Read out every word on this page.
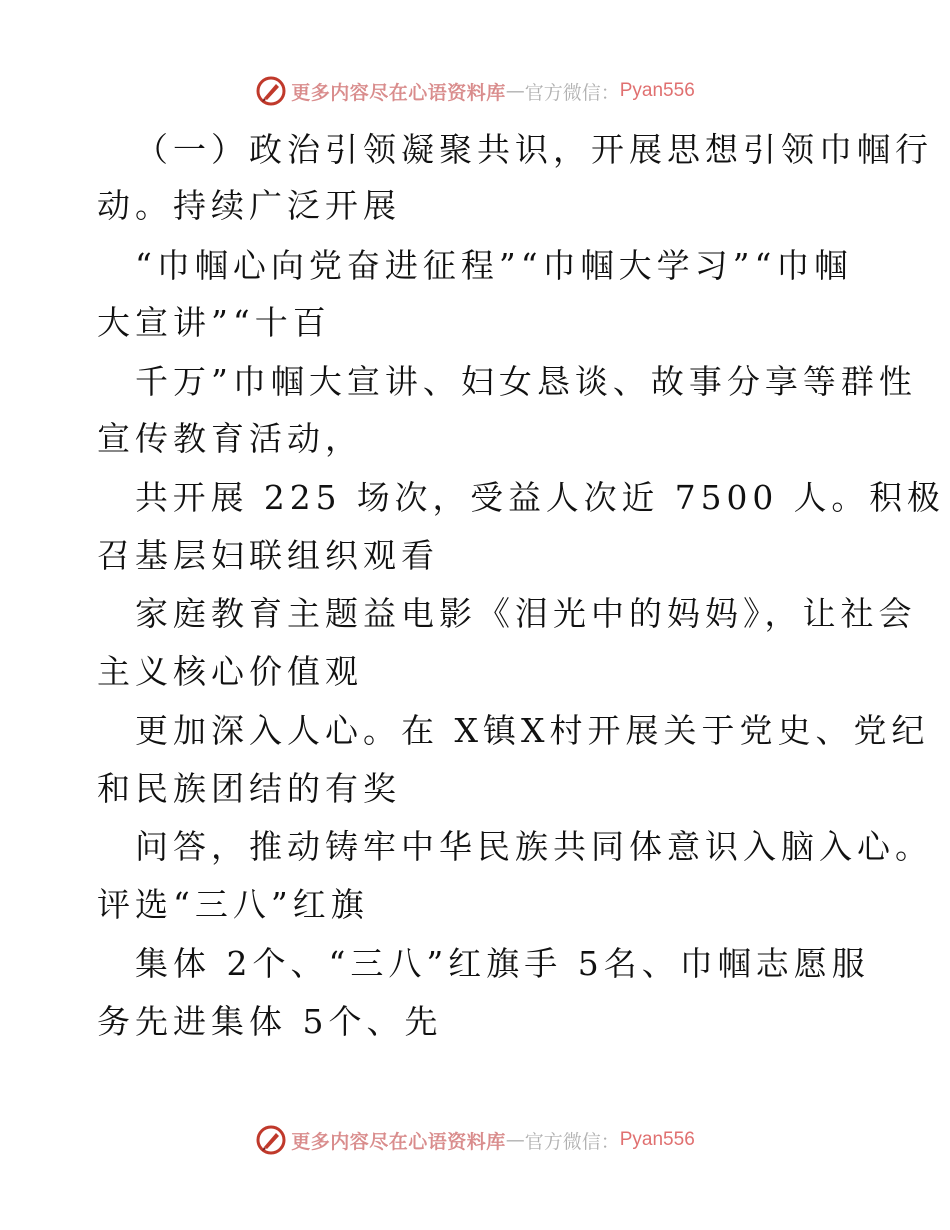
更多内容尽在心语资料库 — 官方微信： Pyan556
（一）政治引领凝聚共识，开展思想引领巾帼行
动。持续广泛开展
“巾帼心向党奋进征程”“巾帼大学习”“巾帼
大宣讲”“十百
千万”巾帼大宣讲、妇女恳谈、故事分享等群性
宣传教育活动，
共开展 225 场次，受益人次近 7500 人。积极
召基层妇联组织观看
家庭教育主题益电影《泪光中的妈妈》，让社会
主义核心价值观
更加深入人心。在 X镇X村开展关于党史、党纪
和民族团结的有奖
问答，推动铸牢中华民族共同体意识入脑入心。
评选“三八”红旗
集体 2个、“三八”红旗手 5名、巾帼志愿服
务先进集体 5个、先
更多内容尽在心语资料库 — 官方微信： Pyan556
